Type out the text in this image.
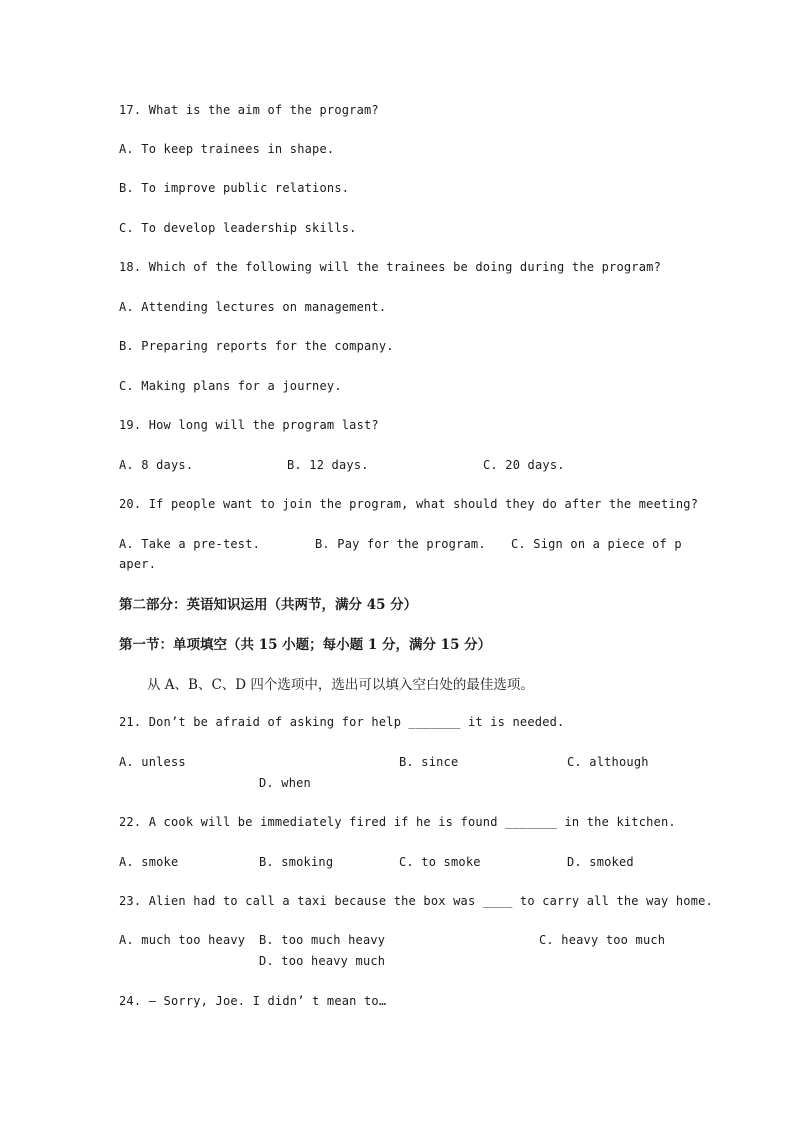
17. What is the aim of the program?
A. To keep trainees in shape.
B. To improve public relations.
C. To develop leadership skills.
18. Which of the following will the trainees be doing during the program?
A. Attending lectures on management.
B. Preparing reports for the company.
C. Making plans for a journey.
19. How long will the program last?
A. 8 days.	B. 12 days.	C. 20 days.
20. If people want to join the program, what should they do after the meeting?
A. Take a pre-test.	B. Pay for the program. C. Sign on a piece of p
aper.
第二部分：英语知识运用（共两节，满分 45 分）
第一节：单项填空（共 15 小题；每小题 1 分，满分 15 分）
从 A、B、C、D 四个选项中，选出可以填入空白处的最佳选项。
21. Don’t be afraid of asking for help _______ it is needed.
A. unless	B. since	C. although
D. when
22. A cook will be immediately fired if he is found _______ in the kitchen.
A. smoke	B. smoking	C. to smoke	D. smoked
23. Alien had to call a taxi because the box was ____ to carry all the way home.
A. much too heavy B. too much heavy	C. heavy too much
D. too heavy much
24. – Sorry, Joe. I didn’ t mean to…
